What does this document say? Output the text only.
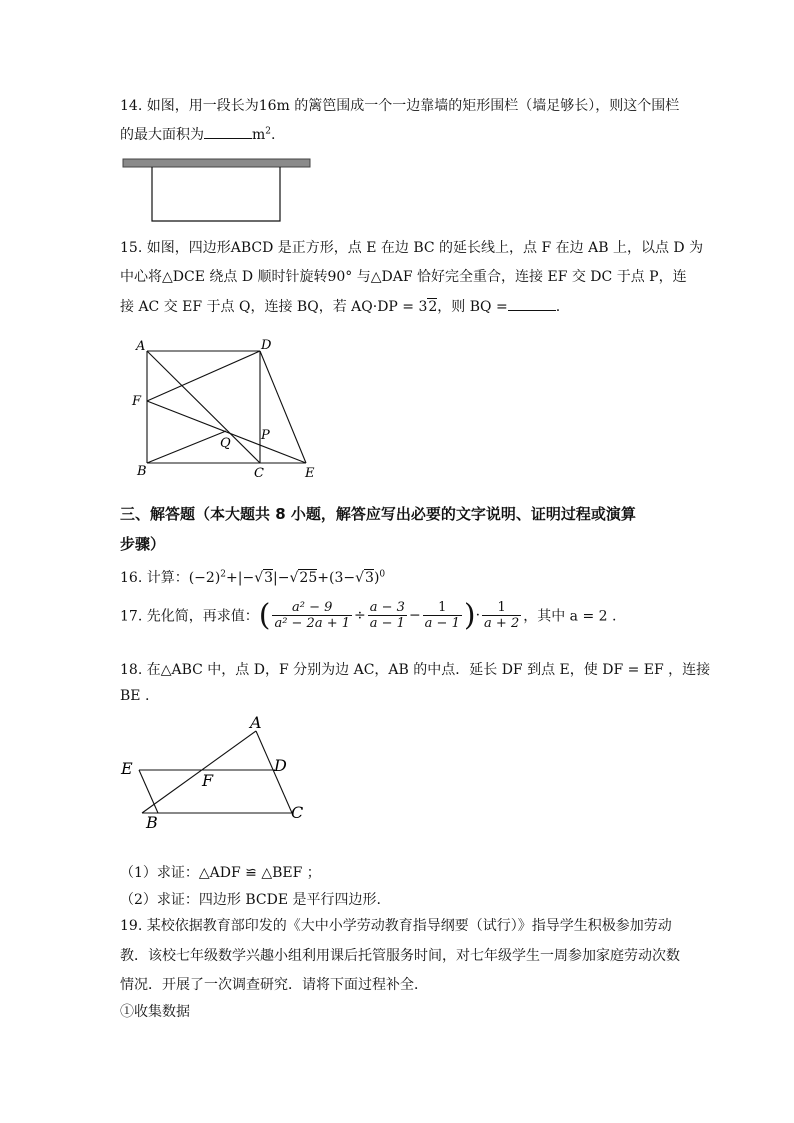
14. 如图，用一段长为16m 的篱笆围成一个一边靠墙的矩形围栏（墙足够长），则这个围栏
的最大面积为	$m^2$.
15. 如图，四边形ABCD 是正方形，点 E 在边 BC 的延长线上，点 F 在边 AB 上，以点 D 为
中心将△DCE 绕点 D 顺时针旋转90° 与△DAF 恰好完全重合，连接 EF 交 DC 于点 P，连
接 AC 交 EF 于点 Q，连接 BQ，若 AQ·DP = 32，则 BQ =	.
A	D
F
Q
P
B	C	E
三、解答题（本大题共 8 小题，解答应写出必要的文字说明、证明过程或演算
步骤）
16. 计算：$(-2)^2+|-√3|-√25+(3-√3)^0$
17. 先化简，再求值：( $\frac{\text{a² − 9}}{\text{a² − 2a + 1}} \div \frac{a - 3}{a - 1} - \frac{1}{a - 1}$ )· $\frac{1}{a + 2}$ ，其中 a = 2 .
18. 在△ABC 中，点 D，F 分别为边 AC，AB 的中点．延长 DF 到点 E，使 DF = EF ，连接
BE .
A
E	D
F
B
C
（1）求证：△ADF ≌ △BEF ；
（2）求证：四边形 BCDE 是平行四边形.
19. 某校依据教育部印发的《大中小学劳动教育指导纲要（试行）》指导学生积极参加劳动
教．该校七年级数学兴趣小组利用课后托管服务时间，对七年级学生一周参加家庭劳动次数
情况．开展了一次调查研究．请将下面过程补全．
①收集数据
